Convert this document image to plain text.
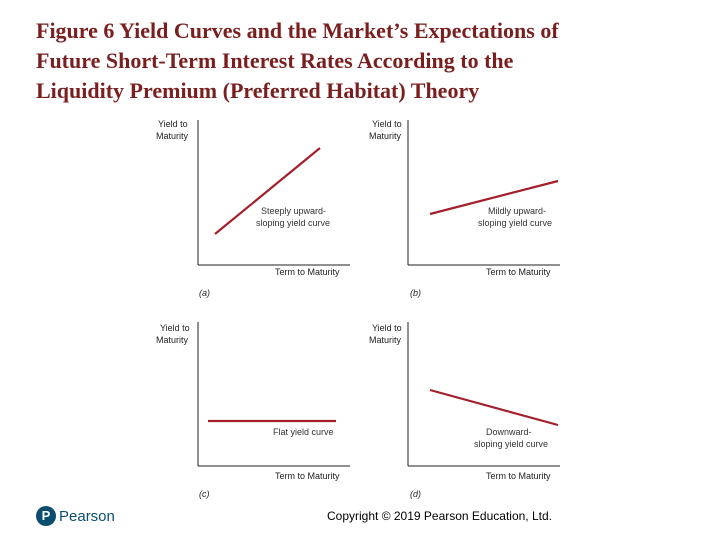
Figure 6 Yield Curves and the Market’s Expectations of
Future Short-Term Interest Rates According to the
Liquidity Premium (Preferred Habitat) Theory
Yield to
Maturity
Steeply upward-
sloping yield curve
Term to Maturity
(a)
Yield to
Maturity
Mildly upward-
sloping yield curve
Term to Maturity
(b)
Yield to
Maturity
Flat yield curve
Term to Maturity
(c)
Yield to
Maturity
Downward-
sloping yield curve
Term to Maturity
(d)
P Pearson	Copyright © 2019 Pearson Education, Ltd.
